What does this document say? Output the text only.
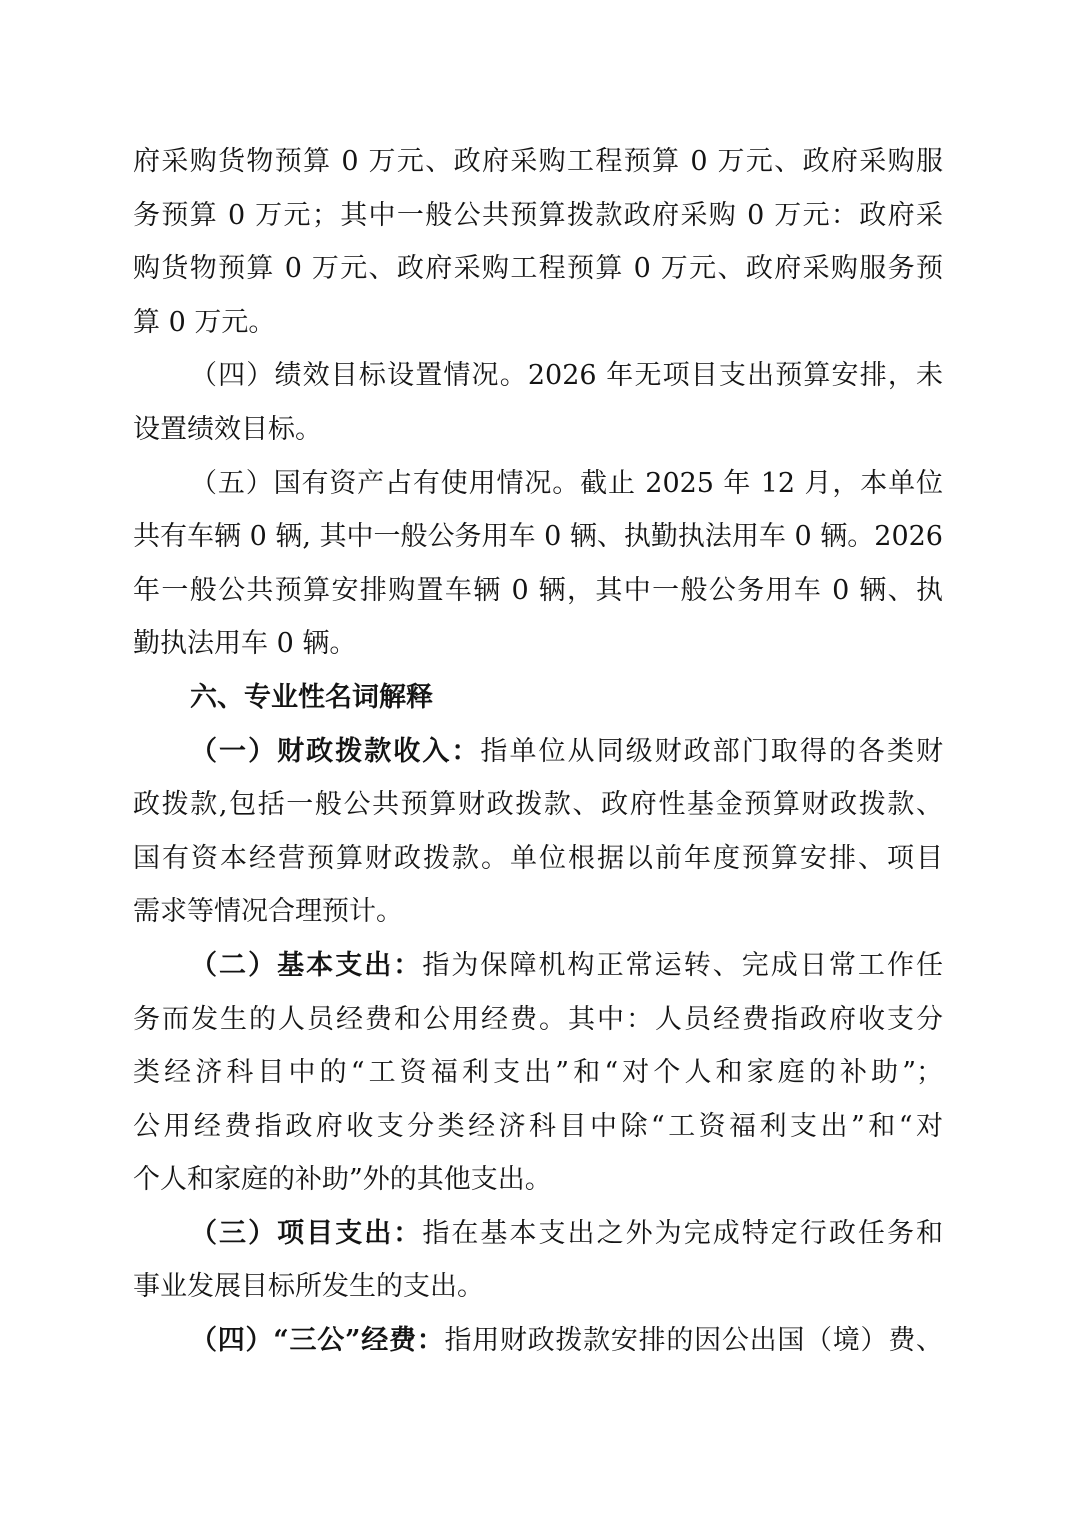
府采购货物预算 0 万元、政府采购工程预算 0 万元、政府采购服
务预算 0 万元；其中一般公共预算拨款政府采购 0 万元：政府采
购货物预算 0 万元、政府采购工程预算 0 万元、政府采购服务预
算 0 万元。
（四）绩效目标设置情况。2026 年无项目支出预算安排，未
设置绩效目标。
（五）国有资产占有使用情况。截止 2025 年 12 月，本单位
共有车辆 0 辆, 其中一般公务用车 0 辆、执勤执法用车 0 辆。2026
年一般公共预算安排购置车辆 0 辆，其中一般公务用车 0 辆、执
勤执法用车 0 辆。
六、专业性名词解释
（一）财政拨款收入：指单位从同级财政部门取得的各类财
政拨款,包括一般公共预算财政拨款、政府性基金预算财政拨款、
国有资本经营预算财政拨款。单位根据以前年度预算安排、项目
需求等情况合理预计。
（二）基本支出：指为保障机构正常运转、完成日常工作任
务而发生的人员经费和公用经费。其中：人员经费指政府收支分
类经济科目中的“工资福利支出”和“对个人和家庭的补助”；
公用经费指政府收支分类经济科目中除“工资福利支出”和“对
个人和家庭的补助”外的其他支出。
（三）项目支出：指在基本支出之外为完成特定行政任务和
事业发展目标所发生的支出。
（四）“三公”经费：指用财政拨款安排的因公出国（境）费、
